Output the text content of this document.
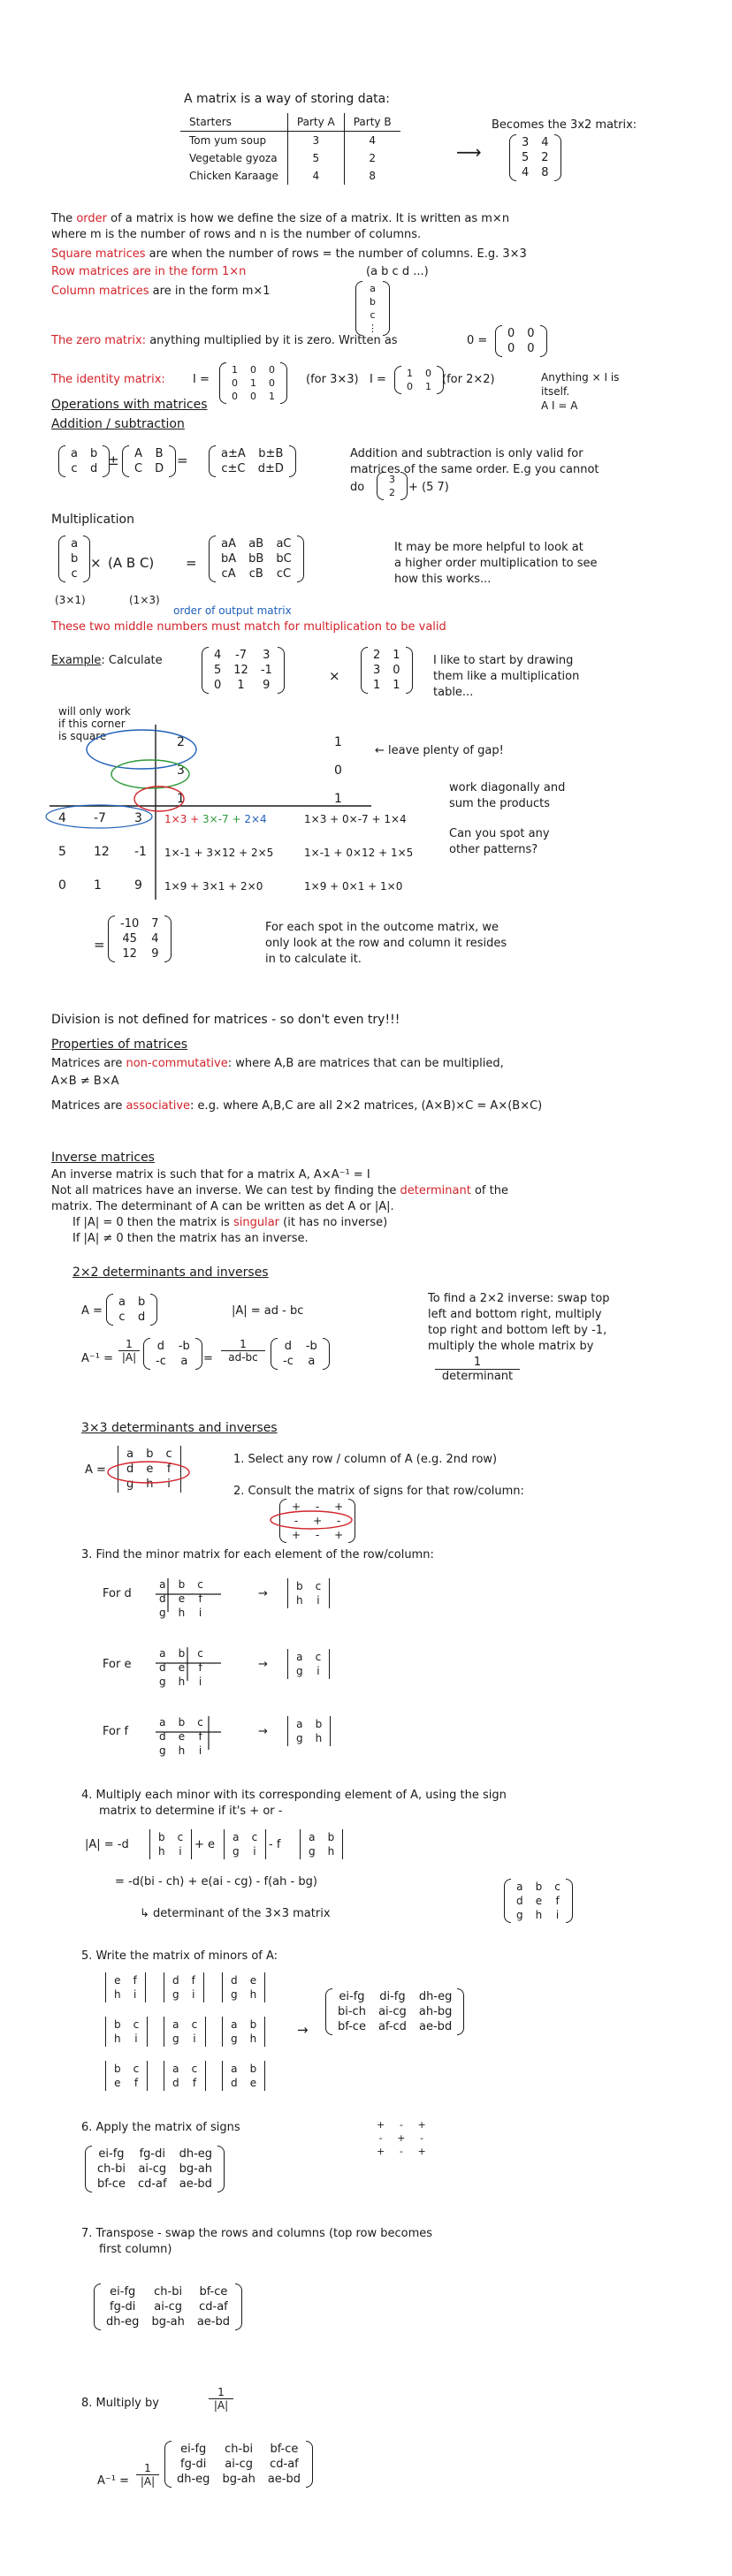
A matrix is a way of storing data:
Starters	Party A	Party B
Tom yum soup	3	4
Vegetable gyoza	5	2
Chicken Karaage	4	8
Becomes the 3x2 matrix:
⟶	3 4
5 2
4 8
The order of a matrix is how we define the size of a matrix. It is written as m×n
where m is the number of rows and n is the number of columns.
Square matrices are when the number of rows = the number of columns. E.g. 3×3
Row matrices are in the form 1×n	(a b c d ...)
Column matrices are in the form m×1	a
b
c
⋮
The zero matrix: anything multiplied by it is zero. Written as	0 =
0 0
0 0
The identity matrix: I =
1 0 0
0 1 0
0 0 1
(for 3×3) I = 1 0
0 1
(for 2×2)	Anything × I is
itself.
A I = A
Operations with matrices
Addition / subtraction
a b
c d
± A B
C D
=	a±A b±B
c±C d±D
Addition and subtraction is only valid for
matrices of the same order. E.g you cannot
do
3
2 + (5 7)
Multiplication
a
b
c
× (A B C) =
aA aB aC
bA bB bC
cA cB cC
It may be more helpful to look at
a higher order multiplication to see
how this works...
(3×1)	(1×3)
order of output matrix
These two middle numbers must match for multiplication to be valid
Example: Calculate	4 -7 3
5 12 -1
0	1	9
×
2 1
3 0
1 1
I like to start by drawing
them like a multiplication
table...
will only work
if this corner
is square
← leave plenty of gap!
2
3
1
1
0
1
4 -7 3
5 12 -1
0 1	9
1×3 + 3×-7 + 2×4	1×3 + 0×-7 + 1×4
1×-1 + 3×12 + 2×5	1×-1 + 0×12 + 1×5
1×9 + 3×1 + 2×0	1×9 + 0×1 + 1×0
work diagonally and
sum the products
Can you spot any
other patterns?
=
-10 7
45 4
12 9
For each spot in the outcome matrix, we
only look at the row and column it resides
in to calculate it.
Division is not defined for matrices - so don't even try!!!
Properties of matrices
Matrices are non-commutative: where A,B are matrices that can be multiplied,
A×B ≠ B×A
Matrices are associative: e.g. where A,B,C are all 2×2 matrices, (A×B)×C = A×(B×C)
Inverse matrices
An inverse matrix is such that for a matrix A, A×A⁻¹ = I
Not all matrices have an inverse. We can test by finding the determinant of the
matrix. The determinant of A can be written as det A or |A|.
If |A| = 0 then the matrix is singular (it has no inverse)
If |A| ≠ 0 then the matrix has an inverse.
2×2 determinants and inverses
A =
a b
c d	|A| = ad - bc
A⁻¹ =
1
|A|
d -b
-c a =
1
ad-bc
d -b
-c a
To find a 2×2 inverse: swap top
left and bottom right, multiply
top right and bottom left by -1,
multiply the whole matrix by
1
determinant
3×3 determinants and inverses
A =
a b c
d e f
g h i
1. Select any row / column of A (e.g. 2nd row)
2. Consult the matrix of signs for that row/column:
+ - +
- + -
+ - +
3. Find the minor matrix for each element of the row/column:
For d
a b c
d e f
g h i
→
b c
h i
For e
a b c
d e f
g h i
→
a c
g i
For f
a b c
d e f
g h i
→
a b
g h
4. Multiply each minor with its corresponding element of A, using the sign
matrix to determine if it's + or -
|A| = -d
b c
h i + e
a c
g i - f
a b
g h
= -d(bi - ch) + e(ai - cg) - f(ah - bg)
↳ determinant of the 3×3 matrix
a b c
d e f
g h i
5. Write the matrix of minors of A:
e f
h i
d f
g i
d e
g h
b c
h i
a c
g i
a b
g h
b c
e f
a c
d f
a b
d e
→
ei-fg di-fg dh-eg
bi-ch ai-cg ah-bg
bf-ce af-cd ae-bd
6. Apply the matrix of signs	+ - +
- + -
+ - +
ei-fg fg-di dh-eg
ch-bi ai-cg bg-ah
bf-ce cd-af ae-bd
7. Transpose - swap the rows and columns (top row becomes
first column)
ei-fg	ch-bi bf-ce
fg-di	ai-cg cd-af
dh-eg bg-ah ae-bd
8. Multiply by
1
|A|
A⁻¹ =
1
|A|
ei-fg	ch-bi bf-ce
fg-di	ai-cg cd-af
dh-eg bg-ah ae-bd
